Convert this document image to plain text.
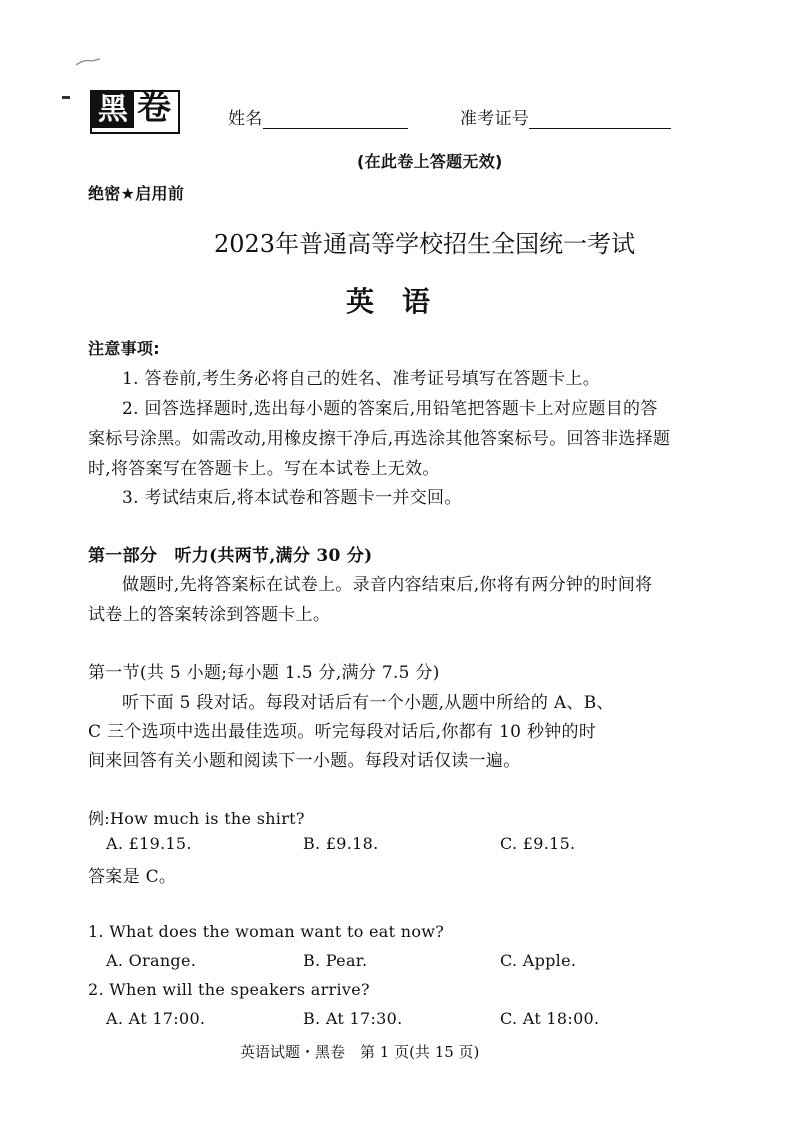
黑 卷	姓名	准考证号
(在此卷上答题无效)
绝密★启用前
2023年普通高等学校招生全国统一考试
英　语
注意事项:
1. 答卷前,考生务必将自己的姓名、准考证号填写在答题卡上。
2. 回答选择题时,选出每小题的答案后,用铅笔把答题卡上对应题目的答
案标号涂黑。如需改动,用橡皮擦干净后,再选涂其他答案标号。回答非选择题
时,将答案写在答题卡上。写在本试卷上无效。
3. 考试结束后,将本试卷和答题卡一并交回。
第一部分　听力(共两节,满分 30 分)
做题时,先将答案标在试卷上。录音内容结束后,你将有两分钟的时间将
试卷上的答案转涂到答题卡上。
第一节(共 5 小题;每小题 1.5 分,满分 7.5 分)
听下面 5 段对话。每段对话后有一个小题,从题中所给的 A、B、
C 三个选项中选出最佳选项。听完每段对话后,你都有 10 秒钟的时
间来回答有关小题和阅读下一小题。每段对话仅读一遍。
例:How much is the shirt?
A. £19.15.	B. £9.18.	C. £9.15.
答案是 C。
1. What does the woman want to eat now?
A. Orange.	B. Pear.	C. Apple.
2. When will the speakers arrive?
A. At 17:00.	B. At 17:30.	C. At 18:00.
英语试题・黑卷　第 1 页(共 15 页)
